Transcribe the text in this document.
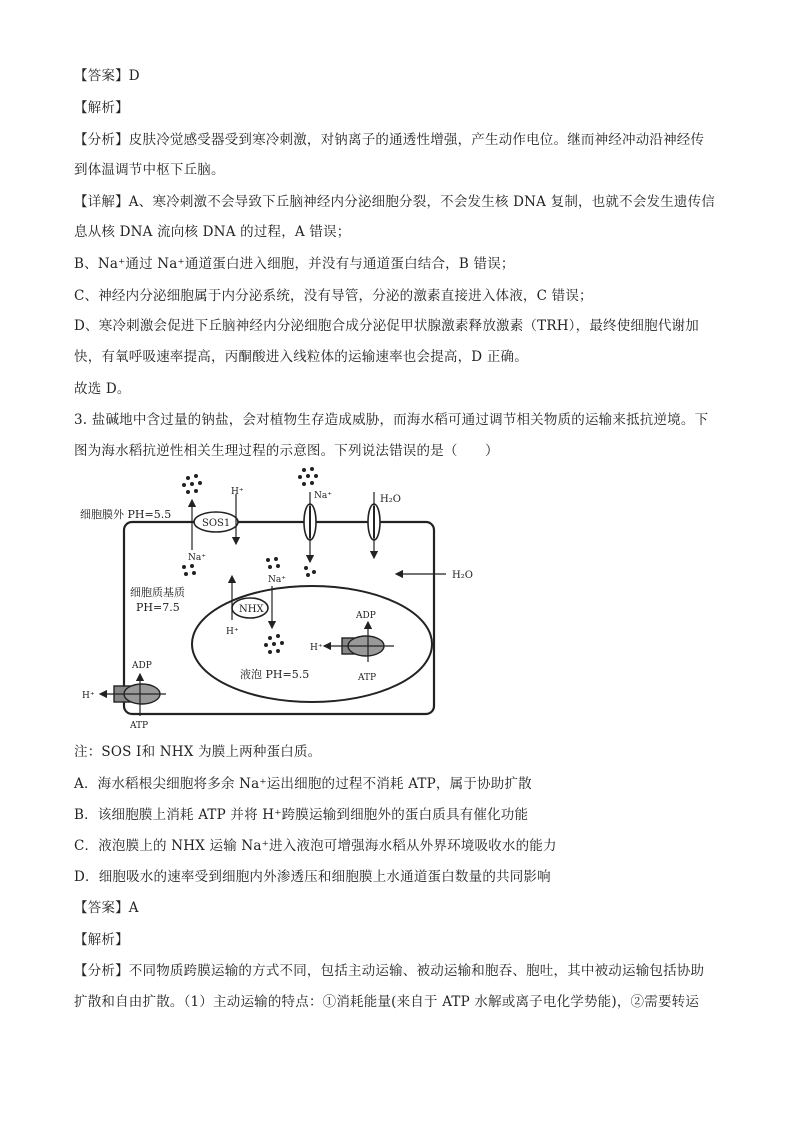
【答案】D
【解析】
【分析】皮肤冷觉感受器受到寒冷刺激，对钠离子的通透性增强，产生动作电位。继而神经冲动沿神经传
到体温调节中枢下丘脑。
【详解】A、寒冷刺激不会导致下丘脑神经内分泌细胞分裂，不会发生核 DNA 复制，也就不会发生遗传信
息从核 DNA 流向核 DNA 的过程，A 错误；
B、Na⁺通过 Na⁺通道蛋白进入细胞，并没有与通道蛋白结合，B 错误；
C、神经内分泌细胞属于内分泌系统，没有导管，分泌的激素直接进入体液，C 错误；
D、寒冷刺激会促进下丘脑神经内分泌细胞合成分泌促甲状腺激素释放激素（TRH），最终使细胞代谢加
快，有氧呼吸速率提高，丙酮酸进入线粒体的运输速率也会提高，D 正确。
故选 D。
3. 盐碱地中含过量的钠盐，会对植物生存造成威胁，而海水稻可通过调节相关物质的运输来抵抗逆境。下
图为海水稻抗逆性相关生理过程的示意图。下列说法错误的是（　　）
细胞膜外 PH=5.5
SOS1
H⁺
Na⁺
Na⁺	H₂O
H₂O
细胞质基质
PH=7.5
液泡 PH=5.5
NHX
H⁺
Na⁺
H⁺
ADP
ATP
H⁺
ADP
ATP
注：SOS Ⅰ和 NHX 为膜上两种蛋白质。
A．海水稻根尖细胞将多余 Na⁺运出细胞的过程不消耗 ATP，属于协助扩散
B．该细胞膜上消耗 ATP 并将 H⁺跨膜运输到细胞外的蛋白质具有催化功能
C．液泡膜上的 NHX 运输 Na⁺进入液泡可增强海水稻从外界环境吸收水的能力
D．细胞吸水的速率受到细胞内外渗透压和细胞膜上水通道蛋白数量的共同影响
【答案】A
【解析】
【分析】不同物质跨膜运输的方式不同，包括主动运输、被动运输和胞吞、胞吐，其中被动运输包括协助
扩散和自由扩散。（1）主动运输的特点：①消耗能量(来自于 ATP 水解或离子电化学势能)，②需要转运
